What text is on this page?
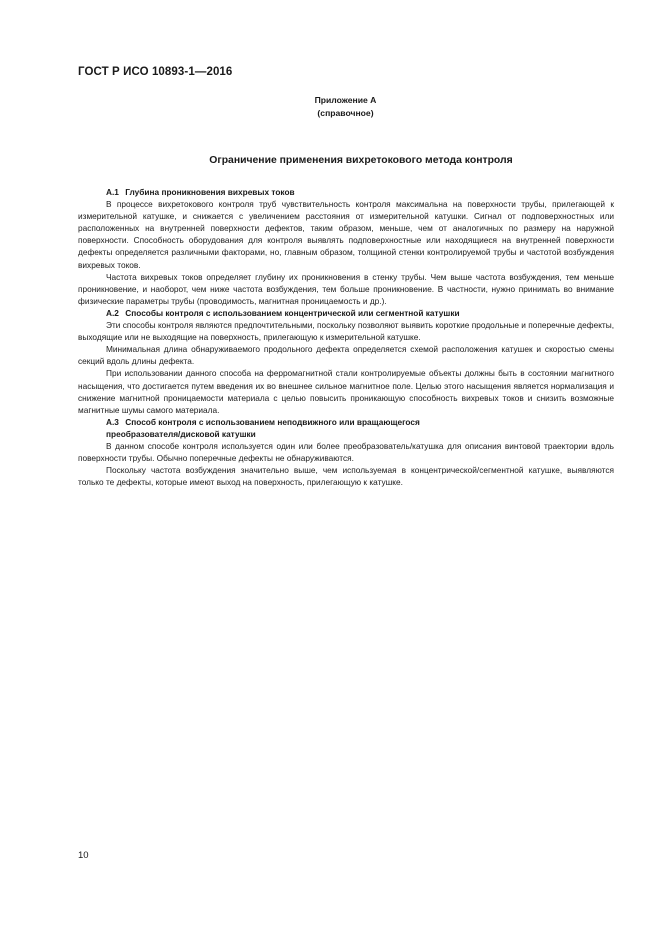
ГОСТ Р ИСО 10893-1—2016
Приложение А
(справочное)
Ограничение применения вихретокового метода контроля

А.1 Глубина проникновения вихревых токов

В процессе вихретокового контроля труб чувствительность контроля максимальна на поверхности трубы, прилегающей к измерительной катушке, и снижается с увеличением расстояния от измерительной катушки. Сигнал от подповерхностных или расположенных на внутренней поверхности дефектов, таким образом, меньше, чем от аналогичных по размеру на наружной поверхности. Способность оборудования для контроля выявлять подповерхностные или находящиеся на внутренней поверхности дефекты определяется различными факторами, но, главным образом, толщиной стенки контролируемой трубы и частотой возбуждения вихревых токов.

Частота вихревых токов определяет глубину их проникновения в стенку трубы. Чем выше частота возбуждения, тем меньше проникновение, и наоборот, чем ниже частота возбуждения, тем больше проникновение. В частности, нужно принимать во внимание физические параметры трубы (проводимость, магнитная проницаемость и др.).

А.2 Способы контроля с использованием концентрической или сегментной катушки

Эти способы контроля являются предпочтительными, поскольку позволяют выявить короткие продольные и поперечные дефекты, выходящие или не выходящие на поверхность, прилегающую к измерительной катушке.

Минимальная длина обнаруживаемого продольного дефекта определяется схемой расположения катушек и скоростью смены секций вдоль длины дефекта.

При использовании данного способа на ферромагнитной стали контролируемые объекты должны быть в состоянии магнитного насыщения, что достигается путем введения их во внешнее сильное магнитное поле. Целью этого насыщения является нормализация и снижение магнитной проницаемости материала с целью повысить проникающую способность вихревых токов и снизить возможные магнитные шумы самого материала.

А.3 Способ контроля с использованием неподвижного или вращающегося
преобразователя/дисковой катушки

В данном способе контроля используется один или более преобразователь/катушка для описания винтовой траектории вдоль поверхности трубы. Обычно поперечные дефекты не обнаруживаются.

Поскольку частота возбуждения значительно выше, чем используемая в концентрической/сегментной катушке, выявляются только те дефекты, которые имеют выход на поверхность, прилегающую к катушке.

10
